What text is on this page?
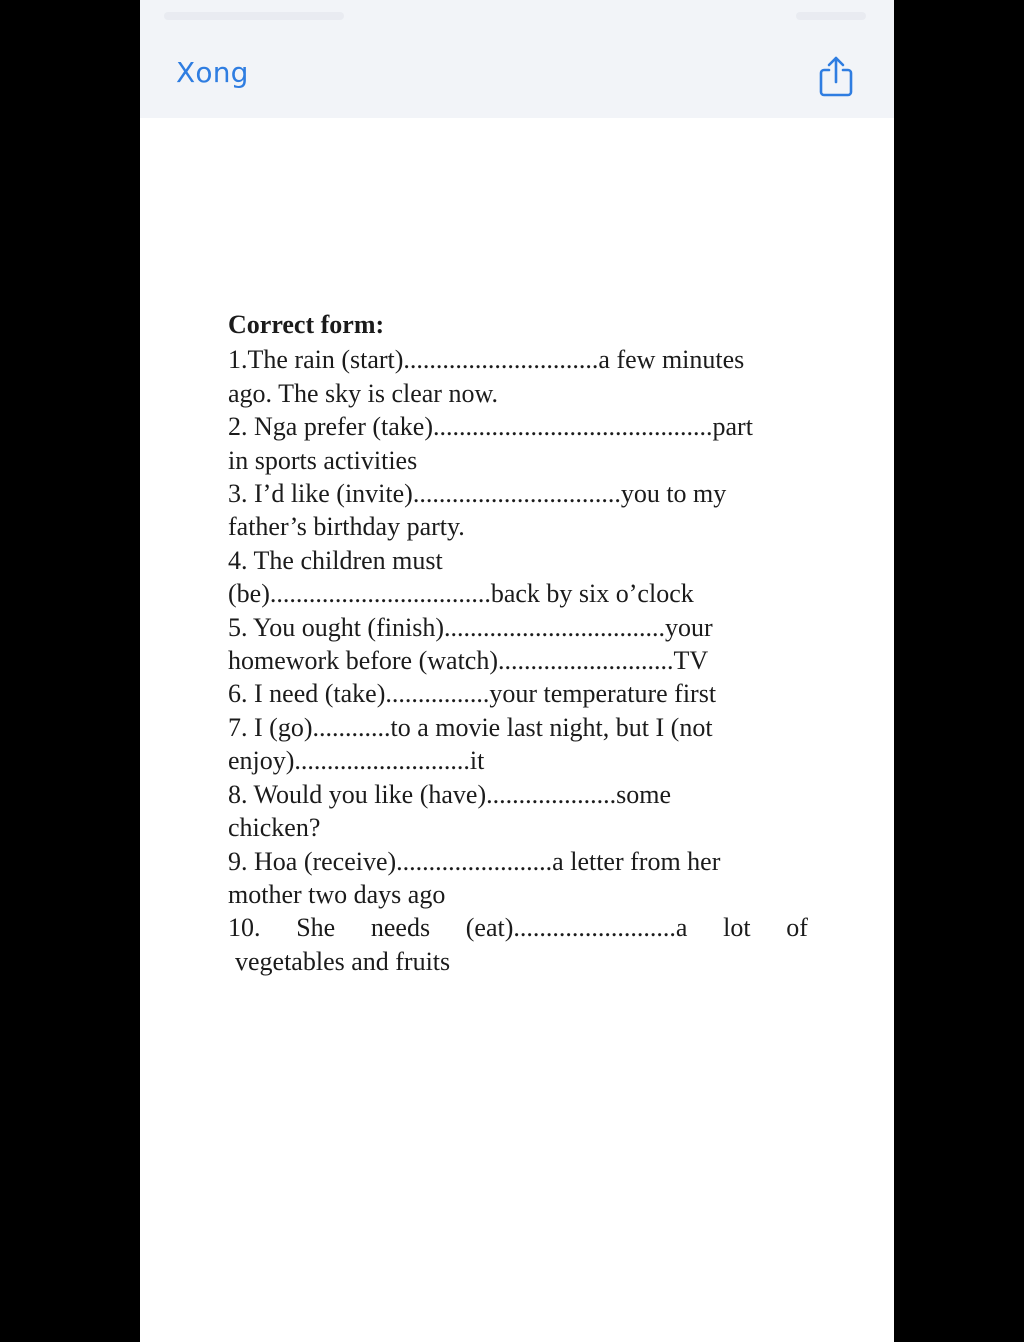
Xong

Correct form:

1.The rain (start)..............................a few minutes

ago. The sky is clear now.

2. Nga prefer (take)...........................................part

in sports activities

3. I’d like (invite)................................you to my

father’s birthday party.

4. The children must

(be)..................................back by six o’clock

5. You ought (finish)..................................your

homework before (watch)...........................TV

6. I need (take)................your temperature first

7. I (go)............to a movie last night, but I (not

enjoy)...........................it

8. Would you like (have)....................some

chicken?

9. Hoa (receive)........................a letter from her

mother two days ago

10. She needs (eat).........................a lot of

vegetables and fruits
